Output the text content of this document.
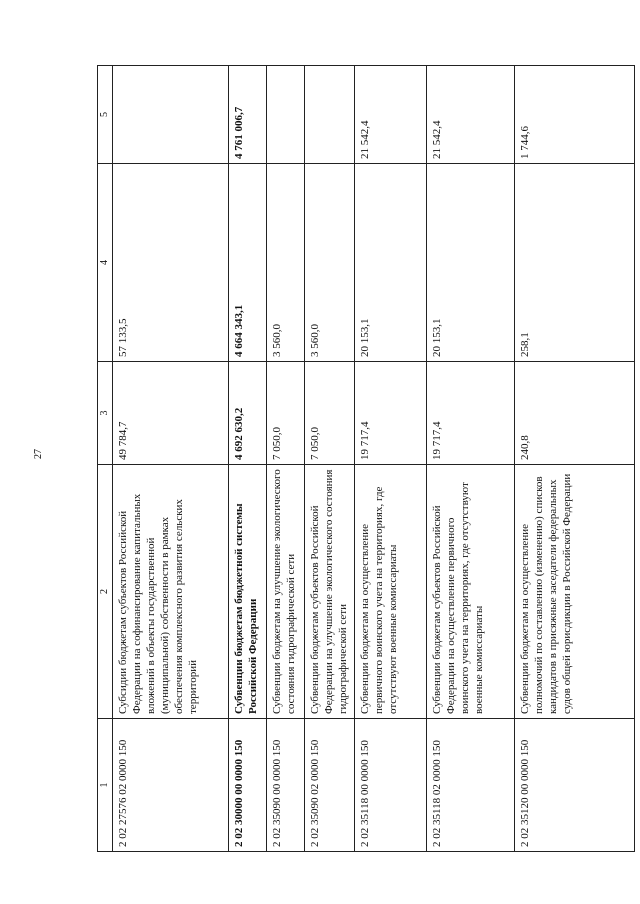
27
1	2	3	4	5
2 02 27576 02 0000 150	Субсидии бюджетам субъектов Российской Федерации на софинансирование капитальных вложений в объекты государственной (муниципальной) собственности в рамках обеспечения комплексного развития сельских территорий	49 784,7	57 133,5	
2 02 30000 00 0000 150	Субвенции бюджетам бюджетной системы Российской Федерации	4 692 630,2	4 664 343,1	4 761 006,7
2 02 35090 00 0000 150	Субвенции бюджетам на улучшение экологического состояния гидрографической сети	7 050,0	3 560,0	
2 02 35090 02 0000 150	Субвенции бюджетам субъектов Российской Федерации на улучшение экологического состояния гидрографической сети	7 050,0	3 560,0	
2 02 35118 00 0000 150	Субвенции бюджетам на осуществление первичного воинского учета на территориях, где отсутствуют военные комиссариаты	19 717,4	20 153,1	21 542,4
2 02 35118 02 0000 150	Субвенции бюджетам субъектов Российской Федерации на осуществление первичного воинского учета на территориях, где отсутствуют военные комиссариаты	19 717,4	20 153,1	21 542,4
2 02 35120 00 0000 150	Субвенции бюджетам на осуществление полномочий по составлению (изменению) списков кандидатов в присяжные заседатели федеральных судов общей юрисдикции в Российской Федерации	240,8	258,1	1 744,6
